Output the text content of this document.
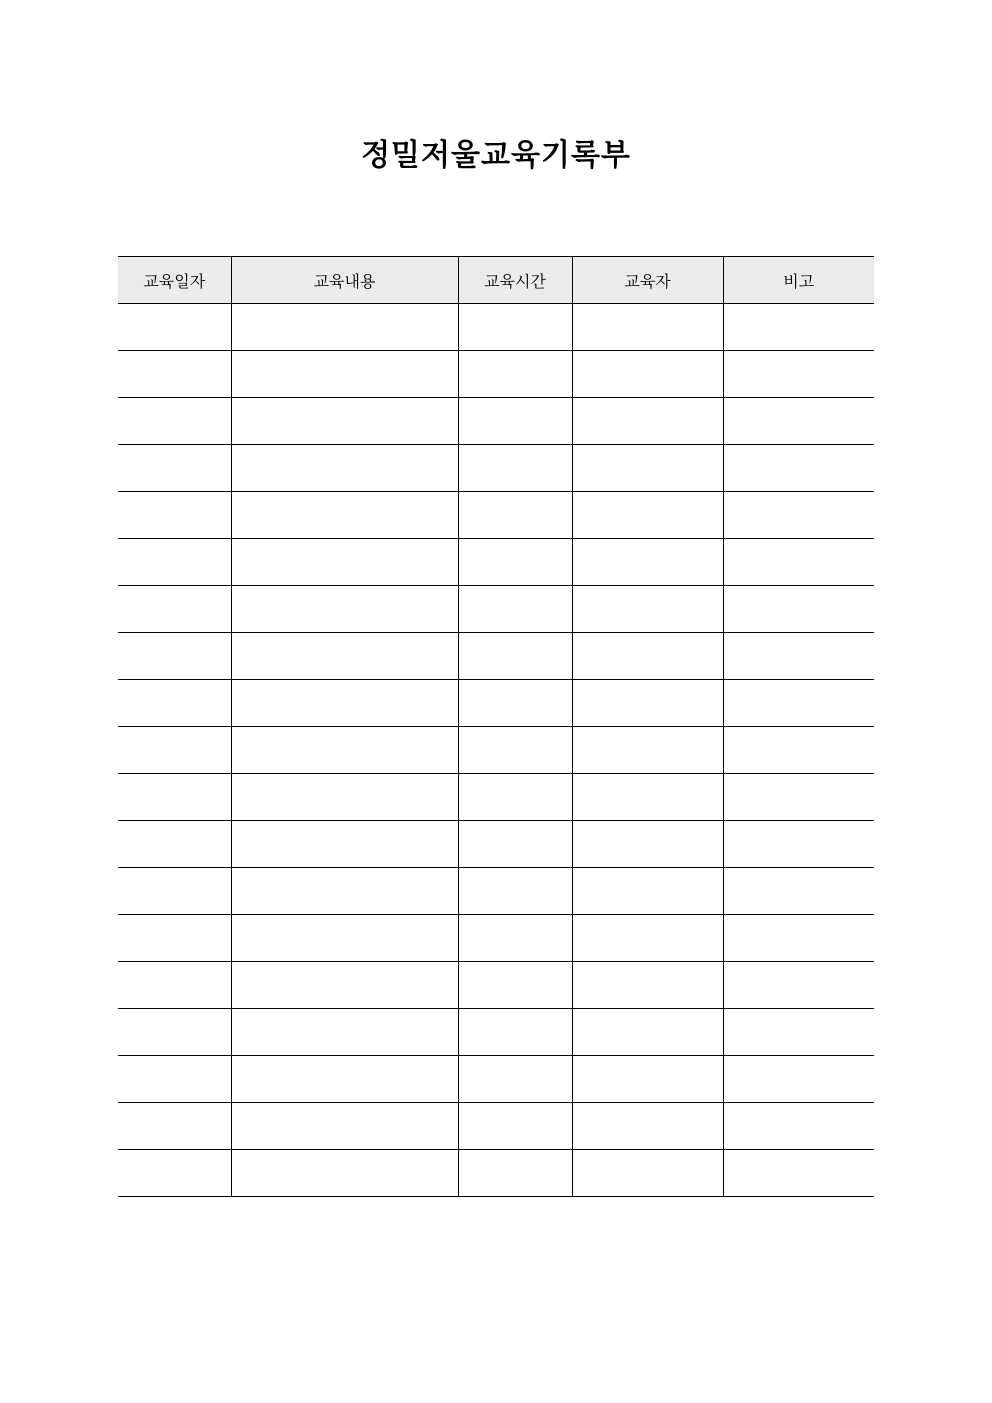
정밀저울교육기록부
교육일자	교육내용	교육시간	교육자	비고
